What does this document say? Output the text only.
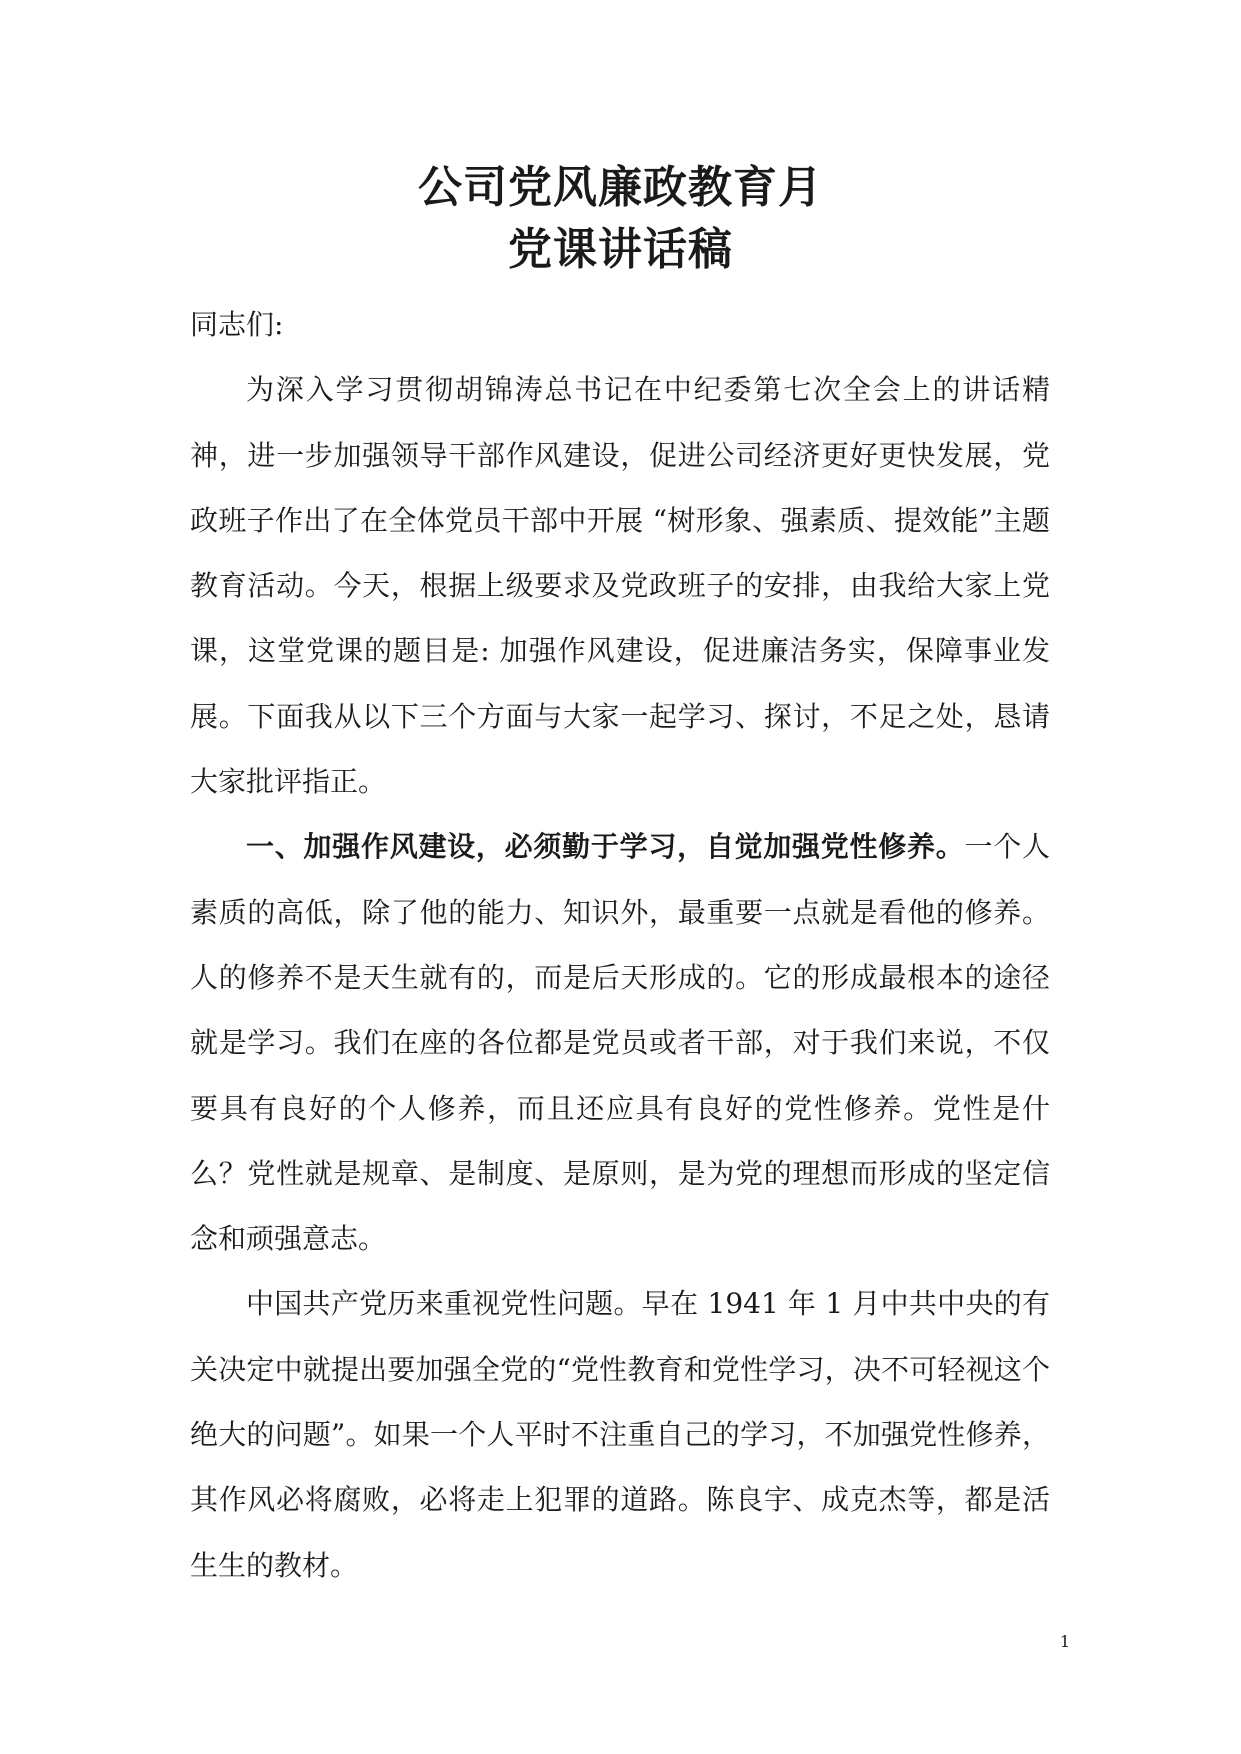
公司党风廉政教育月
党课讲话稿

同志们:

为深入学习贯彻胡锦涛总书记在中纪委第七次全会上的讲话精神，进一步加强领导干部作风建设，促进公司经济更好更快发展，党政班子作出了在全体党员干部中开展 “树形象、强素质、提效能”主题教育活动。今天，根据上级要求及党政班子的安排，由我给大家上党课，这堂党课的题目是: 加强作风建设，促进廉洁务实，保障事业发展。下面我从以下三个方面与大家一起学习、探讨，不足之处，恳请大家批评指正。

一、加强作风建设，必须勤于学习，自觉加强党性修养。一个人素质的高低，除了他的能力、知识外，最重要一点就是看他的修养。人的修养不是天生就有的，而是后天形成的。它的形成最根本的途径就是学习。我们在座的各位都是党员或者干部，对于我们来说，不仅要具有良好的个人修养，而且还应具有良好的党性修养。党性是什么？党性就是规章、是制度、是原则，是为党的理想而形成的坚定信念和顽强意志。

中国共产党历来重视党性问题。早在 1941 年 1 月中共中央的有关决定中就提出要加强全党的“党性教育和党性学习，决不可轻视这个绝大的问题”。如果一个人平时不注重自己的学习，不加强党性修养，其作风必将腐败，必将走上犯罪的道路。陈良宇、成克杰等，都是活生生的教材。

1
